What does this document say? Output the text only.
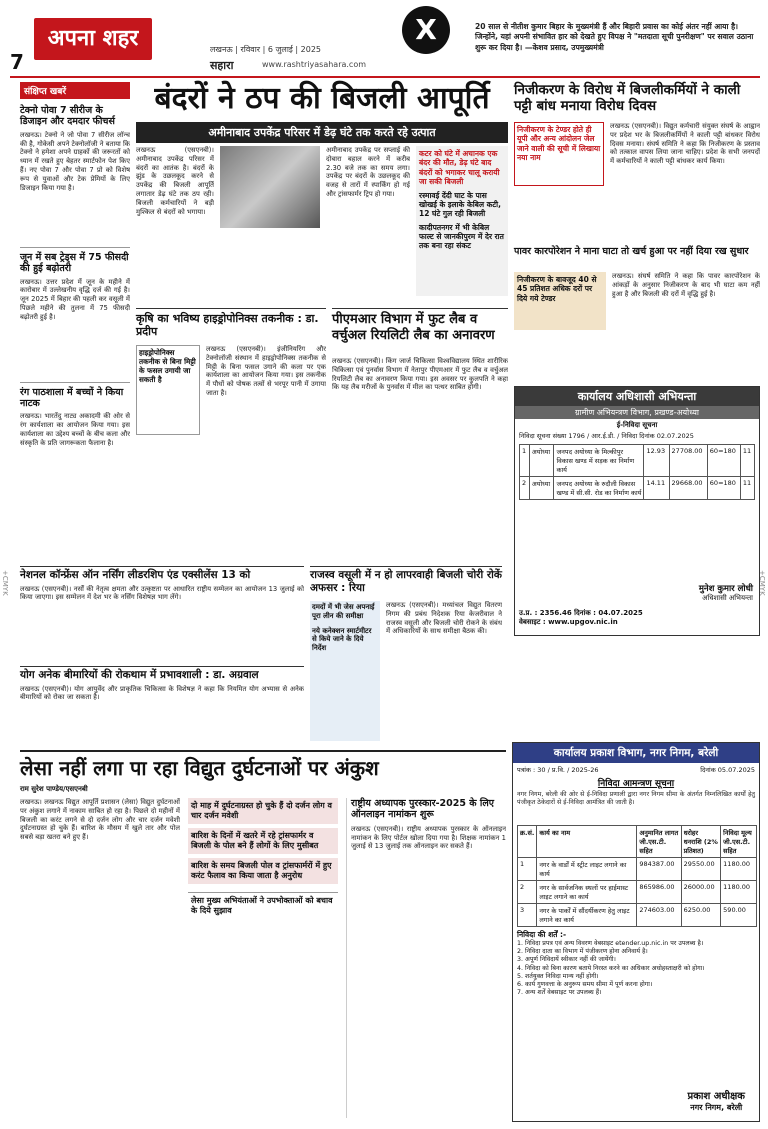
अपना शहर
7
लखनऊ | रविवार | 6 जुलाई | 2025
सहारा	www.rashtriyasahara.com
X	20 साल से नीतीश कुमार बिहार के मुख्यमंत्री हैं और बिहारी प्रवास का कोई अंतर नहीं आया है। जिन्होंने, यहां अपनी संभावित हार को देखते हुए विपक्ष ने "मतदाता सूची पुनरीक्षण" पर सवाल उठाना शुरू कर दिया है। —केशव प्रसाद, उपमुख्यमंत्री
+CMYK	+CMYK
संक्षिप्त खबरें
टेक्नो पोवा 7 सीरीज के डिजाइन और दमदार फीचर्स
लखनऊ। टेक्नो ने जो पोवा 7 सीरीज लॉन्च की है, गोकेसी अपने टेक्नोलॉजी ने बताया कि टेक्नो ने हमेशा अपने ग्राहकों की जरूरतों को ध्यान में रखते हुए बेहतर स्मार्टफोन पेश किए हैं। नए पोवा 7 और पोवा 7 प्रो को विशेष रूप से युवाओं और टेक प्रेमियों के लिए डिजाइन किया गया है।
जून में सब ट्रेड्स में 75 फीसदी की हुई बढ़ोतरी
लखनऊ। उत्तर प्रदेश में जून के महीने में कारोबार में उल्लेखनीय वृद्धि दर्ज की गई है। जून 2025 में बिहार की पहली कर वसूली में पिछले महीने की तुलना में 75 फीसदी बढ़ोतरी हुई है।
रंग पाठशाला में बच्चों ने किया नाटक
लखनऊ। भारतेंदु नाट्य अकादमी की ओर से रंग कार्यशाला का आयोजन किया गया। इस कार्यशाला का उद्देश्य बच्चों के बीच कला और संस्कृति के प्रति जागरूकता फैलाना है।
बंदरों ने ठप की बिजली आपूर्ति
अमीनाबाद उपकेंद्र परिसर में डेढ़ घंटे तक करते रहे उत्पात
लखनऊ (एसएनबी)। अमीनाबाद उपकेंद्र परिसर में बंदरों का आतंक है। बंदरों के झुंड के उछलकूद करने से उपकेंद्र की बिजली आपूर्ति लगातार डेढ़ घंटे तक ठप रही। बिजली कर्मचारियों ने बड़ी मुश्किल से बंदरों को भगाया।
अमीनाबाद उपकेंद्र पर सप्लाई की दोबारा बहाल करने में करीब 2.30 बजे तक का समय लगा। उपकेंद्र पर बंदरों के उछलकूद की वजह से तारों में स्पार्किंग हो गई और ट्रांसफार्मर ट्रिप हो गया।
कटर को घंटे में अचानक एक बंदर की मौत, डेढ़ घंटे बाद बंदरों को भगाकर चालू करायी जा सकी बिजली
रस्मावई देंदी घाट के पास खोखई के इलाके केबिल कटी, 12 घंटे गुल रही बिजली
कादीपतनगर में भी केबिल फाल्ट से जानकीपुरम में देर रात तक बना रहा संकट
निजीकरण के विरोध में बिजलीकर्मियों ने काली पट्टी बांध मनाया विरोध दिवस
निजीकरण के टेण्डर होते ही यूपी और अन्य आंदोलन जेल जाने वाली की सूची में लिखाया नया नाम
लखनऊ (एसएनबी)। विद्युत कर्मचारी संयुक्त संघर्ष के आह्वान पर प्रदेश भर के बिजलीकर्मियों ने काली पट्टी बांधकर विरोध दिवस मनाया। संघर्ष समिति ने कहा कि निजीकरण के प्रस्ताव को तत्काल वापस लिया जाना चाहिए। प्रदेश के सभी जनपदों में कर्मचारियों ने काली पट्टी बांधकर कार्य किया।
पावर कारपोरेशन ने माना घाटा तो खर्च हुआ पर नहीं दिया रख सुधार
निजीकरण के बावजूद 40 से 45 प्रतिशत अधिक दरों पर दिये गये टेण्डर
लखनऊ। संघर्ष समिति ने कहा कि पावर कारपोरेशन के आंकड़ों के अनुसार निजीकरण के बाद भी घाटा कम नहीं हुआ है और बिजली की दरों में वृद्धि हुई है।
कृषि का भविष्य हाइड्रोपोनिक्स तकनीक : डा. प्रदीप
हाइड्रोपोनिक्स तकनीक से बिना मिट्टी के फसल उगायी जा सकती है
लखनऊ (एसएनबी)। इंजीनियरिंग और टेक्नोलॉजी संस्थान में हाइड्रोपोनिक्स तकनीक से मिट्टी के बिना फसल उगाने की कला पर एक कार्यशाला का आयोजन किया गया। इस तकनीक में पौधों को पोषक तत्वों से भरपूर पानी में उगाया जाता है।
पीएमआर विभाग में फुट लैब व वर्चुअल रियलिटी लैब का अनावरण
लखनऊ (एसएनबी)। किंग जार्ज चिकित्सा विश्वविद्यालय स्थित शारीरिक चिकित्सा एवं पुनर्वास विभाग में नेतापुर पीएमआर में फुट लैब व वर्चुअल रियलिटी लैब का अनावरण किया गया। इस अवसर पर कुलपति ने कहा कि यह लैब मरीजों के पुनर्वास में मील का पत्थर साबित होगी।
कार्यालय अधिशासी अभियन्ता
ग्रामीण अभियन्त्रण विभाग, प्रखण्ड-अयोध्या
ई-निविदा सूचना
निविदा सूचना संख्या 1796 / आर.ई.डी. / निविदा दिनांक 02.07.2025
1	अयोध्या	जनपद अयोध्या के मिल्कीपुर विकास खण्ड में सड़क का निर्माण कार्य	12.93	27708.00	60=180	11
2	अयोध्या	जनपद अयोध्या के रुदौली विकास खण्ड में सी.सी. रोड का निर्माण कार्य	14.11	29668.00	60=180	11
मुनेश कुमार लोधी
अधिशासी अभियन्ता
उ.प्र. : 2356.46 दिनांक : 04.07.2025
वेबसाइट : www.upgov.nic.in
नेशनल कॉन्फ्रेंस ऑन नर्सिंग लीडरशिप एंड एक्सीलेंस 13 को
लखनऊ (एसएनबी)। नर्सों की नेतृत्व क्षमता और उत्कृष्टता पर आधारित राष्ट्रीय सम्मेलन का आयोजन 13 जुलाई को किया जाएगा। इस सम्मेलन में देश भर के नर्सिंग विशेषज्ञ भाग लेंगे।
योग अनेक बीमारियों की रोकथाम में प्रभावशाली : डा. अग्रवाल
लखनऊ (एसएनबी)। योग आयुर्वेद और प्राकृतिक चिकित्सा के विशेषज्ञ ने कहा कि नियमित योग अभ्यास से अनेक बीमारियों को रोका जा सकता है।
राजस्व वसूली में न हो लापरवाही बिजली चोरी रोकें अफसर : रिया
दमदों में भी जेस अपनाई पूरा लीन की समीक्षा
नये कनेक्शन स्मार्टमीटर से किये जाने के दिये निर्देश
लखनऊ (एसएनबी)। मध्यांचल विद्युत वितरण निगम की प्रबंध निदेशक रिया केजरीवाल ने राजस्व वसूली और बिजली चोरी रोकने के संबंध में अधिकारियों के साथ समीक्षा बैठक की।
कार्यालय प्रकाश विभाग, नगर निगम, बरेली
पत्रांक : 30 / प्र.वि. / 2025-26	दिनांक 05.07.2025
निविदा आमन्त्रण सूचना
नगर निगम, बरेली की ओर से ई-निविदा प्रणाली द्वारा नगर निगम सीमा के अंतर्गत निम्नलिखित कार्यों हेतु पंजीकृत ठेकेदारों से ई-निविदा आमंत्रित की जाती है।
क्र.सं.	कार्य का नाम	अनुमानित लागत जी.एस.टी. सहित	धरोहर धनराशि (2% प्रतिशत)	निविदा मूल्य जी.एस.टी. सहित
1	नगर के वार्डों में स्ट्रीट लाइट लगाने का कार्य	984387.00	29550.00	1180.00
2	नगर के सार्वजनिक स्थलों पर हाईमास्ट लाइट लगाने का कार्य	865986.00	26000.00	1180.00
3	नगर के पार्कों में सौंदर्यीकरण हेतु लाइट लगाने का कार्य	274603.00	6250.00	590.00
निविदा की शर्तें :-
1. निविदा प्रपत्र एवं अन्य विवरण वेबसाइट etender.up.nic.in पर उपलब्ध है।
2. निविदा दाता का विभाग में पंजीकरण होना अनिवार्य है।
3. अपूर्ण निविदायें स्वीकार नहीं की जायेंगी।
4. निविदा को बिना कारण बताये निरस्त करने का अधिकार अधोहस्ताक्षरी को होगा।
5. शर्तयुक्त निविदा मान्य नहीं होगी।
6. कार्य गुणवत्ता के अनुरूप समय सीमा में पूर्ण करना होगा।
7. अन्य शर्तें वेबसाइट पर उपलब्ध हैं।
प्रकाश अधीक्षक
नगर निगम, बरेली
लेसा नहीं लगा पा रहा विद्युत दुर्घटनाओं पर अंकुश
राम सुरेश पाण्डेय/एसएनबी
लखनऊ। लखनऊ विद्युत आपूर्ति प्रशासन (लेसा) विद्युत दुर्घटनाओं पर अंकुश लगाने में नाकाम साबित हो रहा है। पिछले दो महीनों में बिजली का करंट लगने से दो दर्जन लोग और चार दर्जन मवेशी दुर्घटनाग्रस्त हो चुके हैं। बारिश के मौसम में खुले तार और पोल सबसे बड़ा खतरा बने हुए हैं।
दो माह में दुर्घटनाग्रस्त हो चुके हैं दो दर्जन लोग व चार दर्जन मवेशी
बारिश के दिनों में खतरे में रहे ट्रांसफार्मर व बिजली के पोल बने हैं लोगों के लिए मुसीबत
बारिश के समय बिजली पोल व ट्रांसफार्मरों में हुए करंट फैलाव का किया जाता है अनुरोध
लेसा मुख्य अभियंताओं ने उपभोक्ताओं को बचाव के दिये सुझाव
राष्ट्रीय अध्यापक पुरस्कार-2025 के लिए ऑनलाइन नामांकन शुरू
लखनऊ (एसएनबी)। राष्ट्रीय अध्यापक पुरस्कार के ऑनलाइन नामांकन के लिए पोर्टल खोला दिया गया है। शिक्षक नामांकन 1 जुलाई से 13 जुलाई तक ऑनलाइन कर सकते हैं।
